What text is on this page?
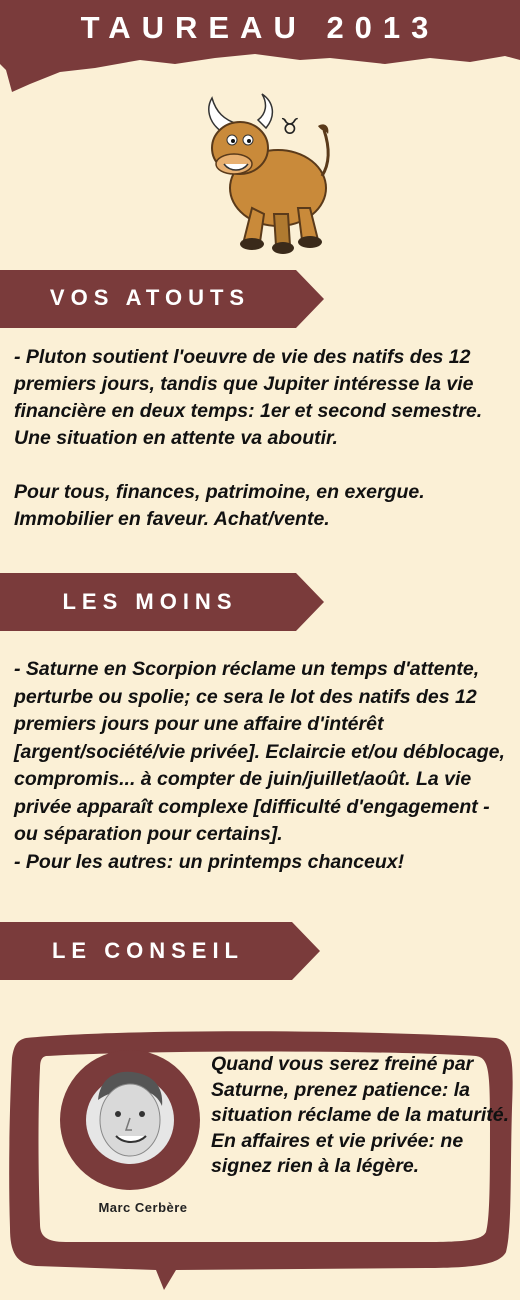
TAUREAU 2013
♉
VOS ATOUTS
- Pluton soutient l'oeuvre de vie des natifs des 12 premiers jours, tandis que Jupiter intéresse la vie financière en deux temps: 1er et second semestre. Une situation en attente va aboutir.

Pour tous, finances, patrimoine, en exergue. Immobilier en faveur. Achat/vente.
LES MOINS
- Saturne en Scorpion réclame un temps d'attente, perturbe ou spolie; ce sera le lot des natifs des 12 premiers jours pour une affaire d'intérêt [argent/société/vie privée]. Eclaircie et/ou déblocage, compromis... à compter de juin/juillet/août. La vie privée apparaît complexe [difficulté d'engagement - ou séparation pour certains].
- Pour les autres: un printemps chanceux!
LE CONSEIL
Marc Cerbère
Quand vous serez freiné par Saturne, prenez patience: la situation réclame de la maturité. En affaires et vie privée: ne signez rien à la légère.
